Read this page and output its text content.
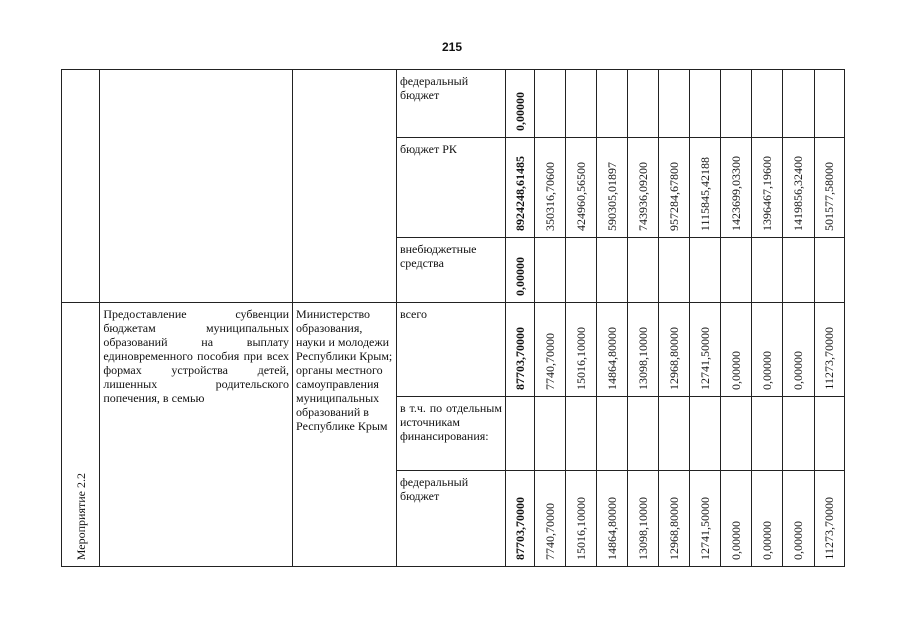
215

			федеральный бюджет	0,00000										

			бюджет РК	8924248,61485	350316,70600	424960,56500	590305,01897	743936,09200	957284,67800	1115845,42188	1423699,03300	1396467,19600	1419856,32400	501577,58000

			внебюджетные средства	0,00000										

Мероприятие 2.2	Предоставление субвенции бюджетам муниципальных образований на выплату единовременного пособия при всех формах устройства детей, лишенных родительского попечения, в семью	Министерство образования, науки и молодежи Республики Крым; органы местного самоуправления муниципальных образований в Республике Крым	всего	87703,70000	7740,70000	15016,10000	14864,80000	13098,10000	12968,80000	12741,50000	0,00000	0,00000	0,00000	11273,70000

			в т.ч. по отдельным источникам финансирования:											

			федеральный бюджет	87703,70000	7740,70000	15016,10000	14864,80000	13098,10000	12968,80000	12741,50000	0,00000	0,00000	0,00000	11273,70000
